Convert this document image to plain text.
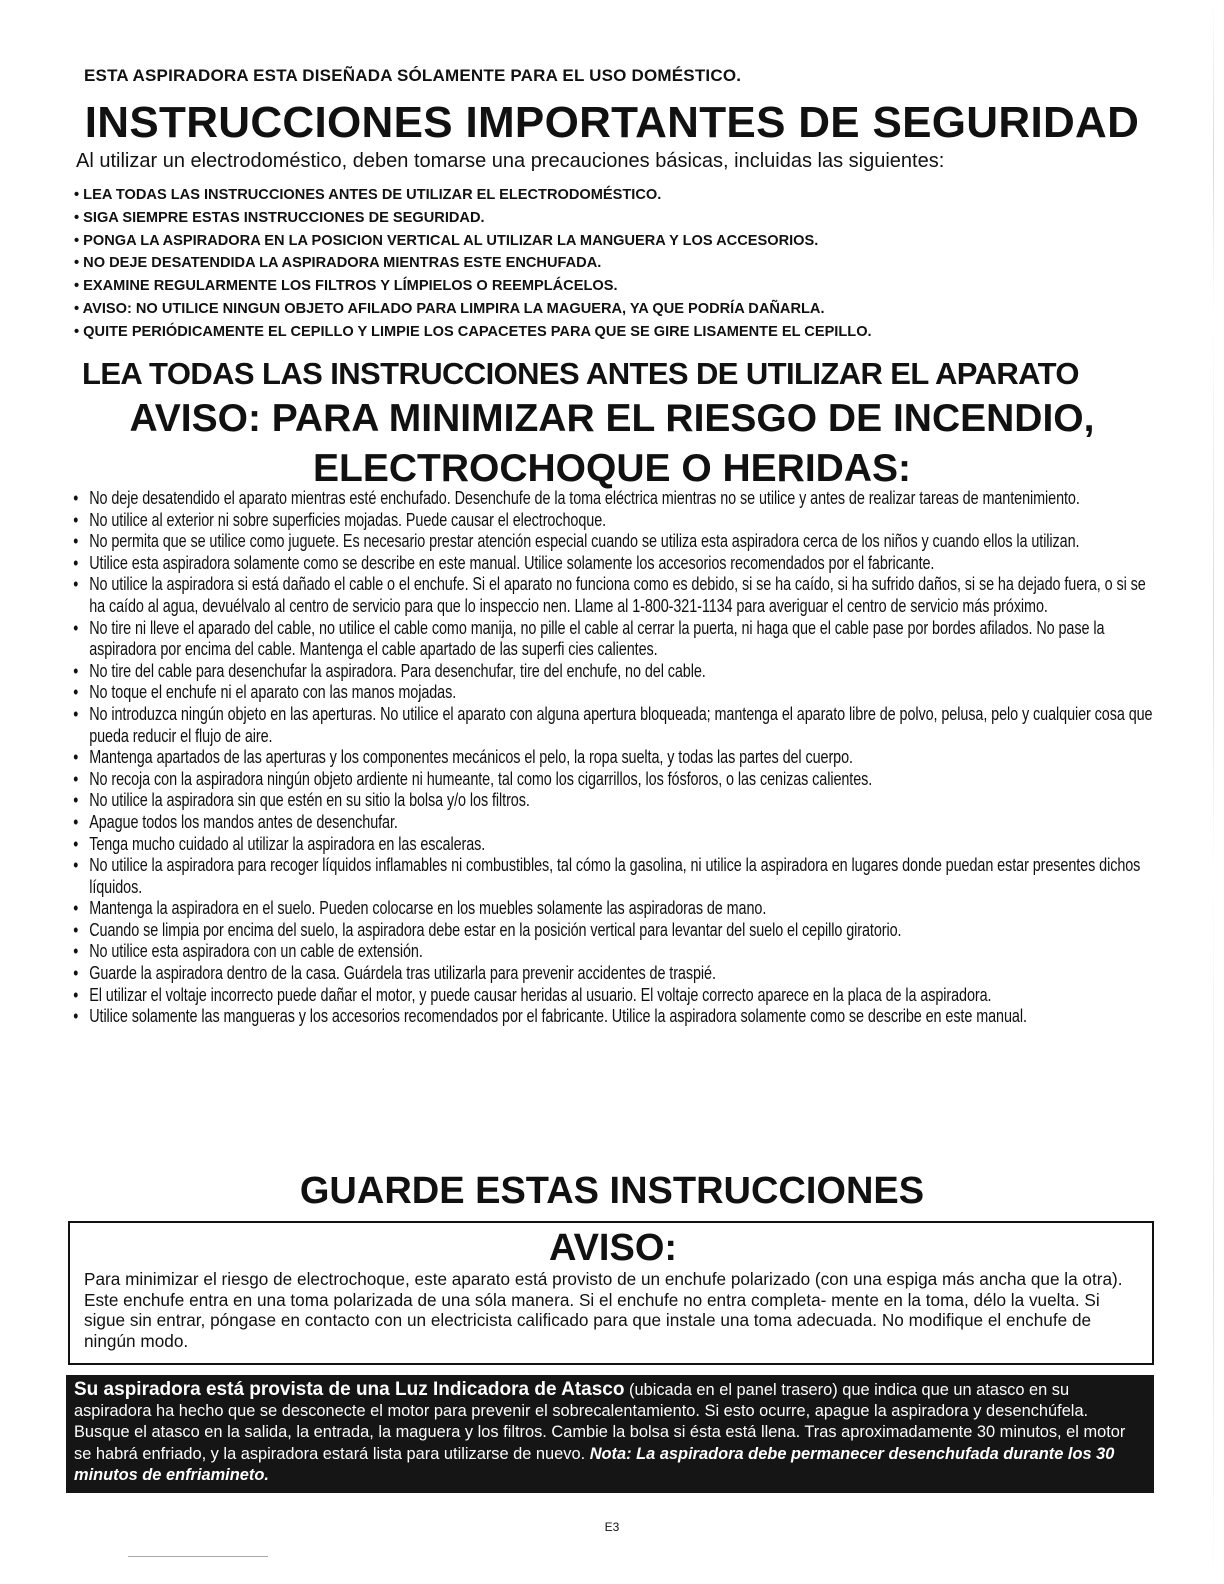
ESTA ASPIRADORA ESTA DISEÑADA SÓLAMENTE PARA EL USO DOMÉSTICO.
INSTRUCCIONES IMPORTANTES DE SEGURIDAD
Al utilizar un electrodoméstico, deben tomarse una precauciones básicas, incluidas las siguientes:
• LEA TODAS LAS INSTRUCCIONES ANTES DE UTILIZAR EL ELECTRODOMÉSTICO.
• SIGA SIEMPRE ESTAS INSTRUCCIONES DE SEGURIDAD.
• PONGA LA ASPIRADORA EN LA POSICION VERTICAL AL UTILIZAR LA MANGUERA Y LOS ACCESORIOS.
• NO DEJE DESATENDIDA LA ASPIRADORA MIENTRAS ESTE ENCHUFADA.
• EXAMINE REGULARMENTE LOS FILTROS Y LÍMPIELOS O REEMPLÁCELOS.
• AVISO: NO UTILICE NINGUN OBJETO AFILADO PARA LIMPIRA LA MAGUERA, YA QUE PODRÍA DAÑARLA.
• QUITE PERIÓDICAMENTE EL CEPILLO Y LIMPIE LOS CAPACETES PARA QUE SE GIRE LISAMENTE EL CEPILLO.
LEA TODAS LAS INSTRUCCIONES ANTES DE UTILIZAR EL APARATO
AVISO: PARA MINIMIZAR EL RIESGO DE INCENDIO,
ELECTROCHOQUE O HERIDAS:
• No deje desatendido el aparato mientras esté enchufado. Desenchufe de la toma eléctrica mientras no se utilice y antes de realizar tareas de mantenimiento.
• No utilice al exterior ni sobre superficies mojadas. Puede causar el electrochoque.
• No permita que se utilice como juguete. Es necesario prestar atención especial cuando se utiliza esta aspiradora cerca de los niños y cuando ellos la utilizan.
• Utilice esta aspiradora solamente como se describe en este manual. Utilice solamente los accesorios recomendados por el fabricante.
• No utilice la aspiradora si está dañado el cable o el enchufe. Si el aparato no funciona como es debido, si se ha caído, si ha sufrido daños, si se ha dejado fuera, o si se ha caído al agua, devuélvalo al centro de servicio para que lo inspeccio nen. Llame al 1-800-321-1134 para averiguar el centro de servicio más próximo.
• No tire ni lleve el aparado del cable, no utilice el cable como manija, no pille el cable al cerrar la puerta, ni haga que el cable pase por bordes afilados. No pase la aspiradora por encima del cable. Mantenga el cable apartado de las superfi cies calientes.
• No tire del cable para desenchufar la aspiradora. Para desenchufar, tire del enchufe, no del cable.
• No toque el enchufe ni el aparato con las manos mojadas.
• No introduzca ningún objeto en las aperturas. No utilice el aparato con alguna apertura bloqueada; mantenga el aparato libre de polvo, pelusa, pelo y cualquier cosa que pueda reducir el flujo de aire.
• Mantenga apartados de las aperturas y los componentes mecánicos el pelo, la ropa suelta, y todas las partes del cuerpo.
• No recoja con la aspiradora ningún objeto ardiente ni humeante, tal como los cigarrillos, los fósforos, o las cenizas calientes.
• No utilice la aspiradora sin que estén en su sitio la bolsa y/o los filtros.
• Apague todos los mandos antes de desenchufar.
• Tenga mucho cuidado al utilizar la aspiradora en las escaleras.
• No utilice la aspiradora para recoger líquidos inflamables ni combustibles, tal cómo la gasolina, ni utilice la aspiradora en lugares donde puedan estar presentes dichos líquidos.
• Mantenga la aspiradora en el suelo. Pueden colocarse en los muebles solamente las aspiradoras de mano.
• Cuando se limpia por encima del suelo, la aspiradora debe estar en la posición vertical para levantar del suelo el cepillo giratorio.
• No utilice esta aspiradora con un cable de extensión.
• Guarde la aspiradora dentro de la casa. Guárdela tras utilizarla para prevenir accidentes de traspié.
• El utilizar el voltaje incorrecto puede dañar el motor, y puede causar heridas al usuario. El voltaje correcto aparece en la placa de la aspiradora.
• Utilice solamente las mangueras y los accesorios recomendados por el fabricante. Utilice la aspiradora solamente como se describe en este manual.
GUARDE ESTAS INSTRUCCIONES
AVISO:
Para minimizar el riesgo de electrochoque, este aparato está provisto de un enchufe polarizado (con una espiga más ancha que la otra). Este enchufe entra en una toma polarizada de una sóla manera. Si el enchufe no entra completa- mente en la toma, délo la vuelta. Si sigue sin entrar, póngase en contacto con un electricista calificado para que instale una toma adecuada. No modifique el enchufe de ningún modo.
Su aspiradora está provista de una Luz Indicadora de Atasco (ubicada en el panel trasero) que indica que un atasco en su aspiradora ha hecho que se desconecte el motor para prevenir el sobrecalentamiento. Si esto ocurre, apague la aspiradora y desenchúfela. Busque el atasco en la salida, la entrada, la maguera y los filtros. Cambie la bolsa si ésta está llena. Tras aproximadamente 30 minutos, el motor se habrá enfriado, y la aspiradora estará lista para utilizarse de nuevo. Nota: La aspiradora debe permanecer desenchufada durante los 30 minutos de enfriamineto.
E3
